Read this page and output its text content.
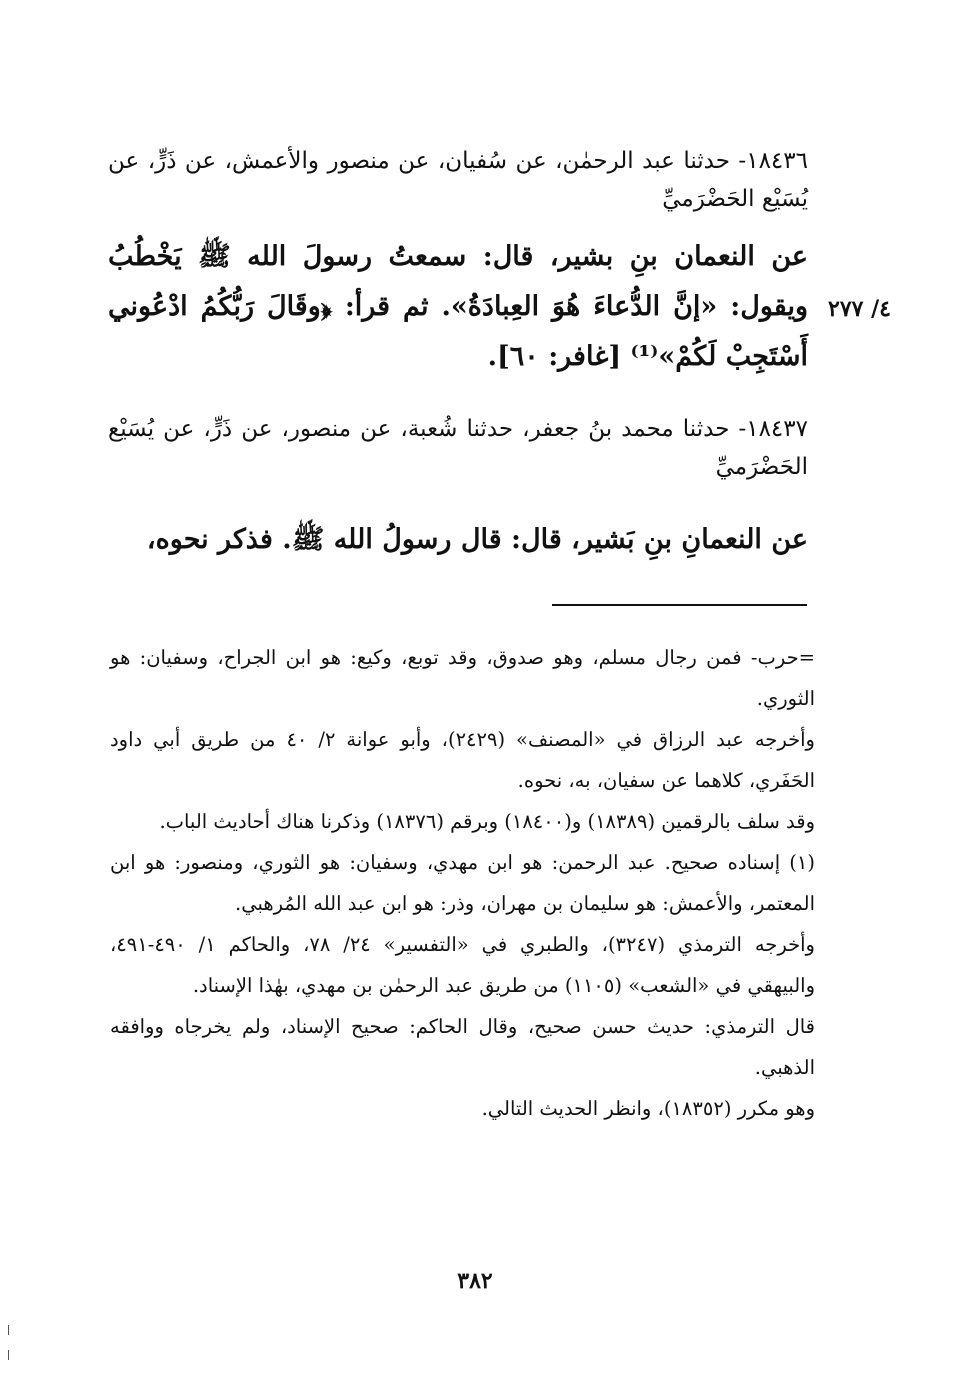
١٨٤٣٦- حدثنا عبد الرحمٰن، عن سُفيان، عن منصور والأعمش، عن ذَرٍّ، عن يُسَيْع الحَضْرَميِّ
عن النعمان بنِ بشير، قال: سمعتُ رسولَ الله ﷺ يَخْطُبُ ويقول: «إنَّ الدُّعاءَ هُوَ العِبادَةُ». ثم قرأ: ﴿وقَالَ رَبُّكُمُ ادْعُوني أَسْتَجِبْ لَكُمْ»⁽¹⁾ [غافر: ٦٠].
٤/ ٢٧٧
١٨٤٣٧- حدثنا محمد بنُ جعفر، حدثنا شُعبة، عن منصور، عن ذَرٍّ، عن يُسَيْع الحَضْرَميِّ
عن النعمانِ بنِ بَشير، قال: قال رسولُ الله ﷺ. فذكر نحوه،

=حرب- فمن رجال مسلم، وهو صدوق، وقد توبع، وكيع: هو ابن الجراح، وسفيان: هو الثوري.

وأخرجه عبد الرزاق في «المصنف» (٢٤٢٩)، وأبو عوانة ٢/ ٤٠ من طريق أبي داود الحَفَري، كلاهما عن سفيان، به، نحوه.

وقد سلف بالرقمين (١٨٣٨٩) و(١٨٤٠٠) وبرقم (١٨٣٧٦) وذكرنا هناك أحاديث الباب.

(١) إسناده صحيح. عبد الرحمن: هو ابن مهدي، وسفيان: هو الثوري، ومنصور: هو ابن المعتمر، والأعمش: هو سليمان بن مهران، وذر: هو ابن عبد الله المُرهبي.

وأخرجه الترمذي (٣٢٤٧)، والطبري في «التفسير» ٢٤/ ٧٨، والحاكم ١/ ٤٩٠-٤٩١، والبيهقي في «الشعب» (١١٠٥) من طريق عبد الرحمٰن بن مهدي، بهٰذا الإسناد.

قال الترمذي: حديث حسن صحيح، وقال الحاكم: صحيح الإسناد، ولم يخرجاه ووافقه الذهبي.

وهو مكرر (١٨٣٥٢)، وانظر الحديث التالي.

٣٨٢
